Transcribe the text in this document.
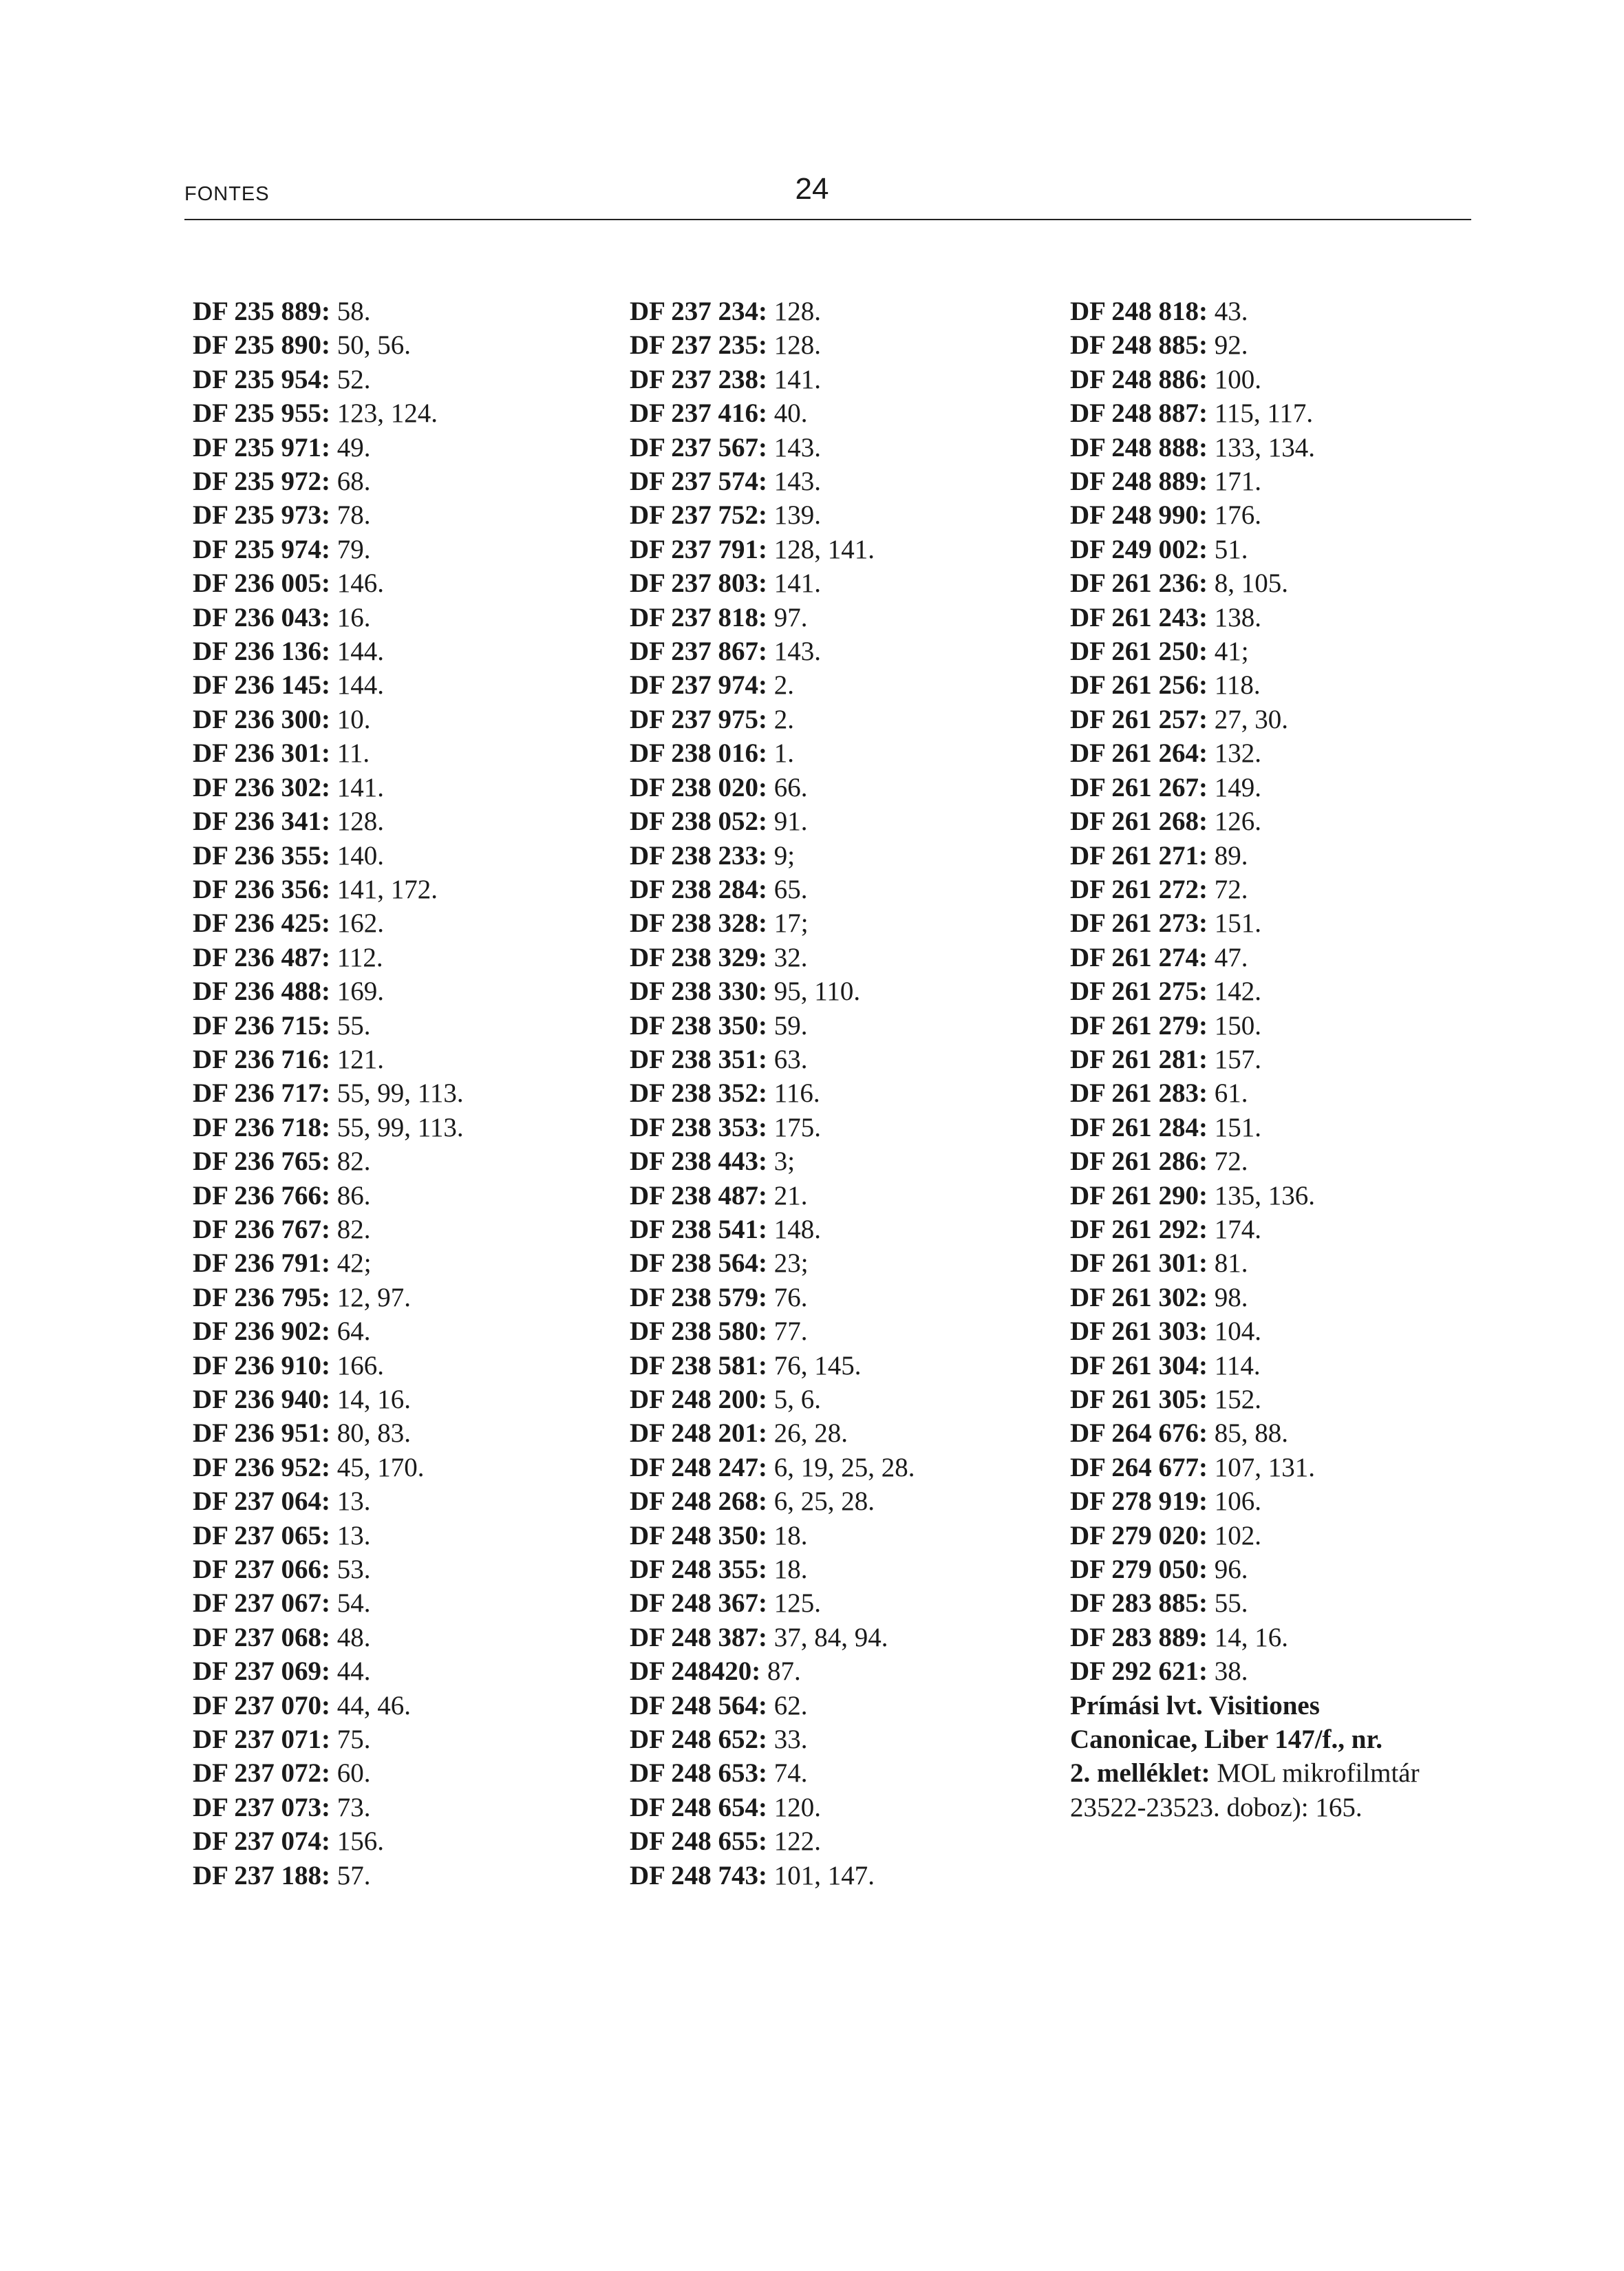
FONTES	24
DF 235 889: 58.
DF 235 890: 50, 56.
DF 235 954: 52.
DF 235 955: 123, 124.
DF 235 971: 49.
DF 235 972: 68.
DF 235 973: 78.
DF 235 974: 79.
DF 236 005: 146.
DF 236 043: 16.
DF 236 136: 144.
DF 236 145: 144.
DF 236 300: 10.
DF 236 301: 11.
DF 236 302: 141.
DF 236 341: 128.
DF 236 355: 140.
DF 236 356: 141, 172.
DF 236 425: 162.
DF 236 487: 112.
DF 236 488: 169.
DF 236 715: 55.
DF 236 716: 121.
DF 236 717: 55, 99, 113.
DF 236 718: 55, 99, 113.
DF 236 765: 82.
DF 236 766: 86.
DF 236 767: 82.
DF 236 791: 42;
DF 236 795: 12, 97.
DF 236 902: 64.
DF 236 910: 166.
DF 236 940: 14, 16.
DF 236 951: 80, 83.
DF 236 952: 45, 170.
DF 237 064: 13.
DF 237 065: 13.
DF 237 066: 53.
DF 237 067: 54.
DF 237 068: 48.
DF 237 069: 44.
DF 237 070: 44, 46.
DF 237 071: 75.
DF 237 072: 60.
DF 237 073: 73.
DF 237 074: 156.
DF 237 188: 57.
DF 237 234: 128.
DF 237 235: 128.
DF 237 238: 141.
DF 237 416: 40.
DF 237 567: 143.
DF 237 574: 143.
DF 237 752: 139.
DF 237 791: 128, 141.
DF 237 803: 141.
DF 237 818: 97.
DF 237 867: 143.
DF 237 974: 2.
DF 237 975: 2.
DF 238 016: 1.
DF 238 020: 66.
DF 238 052: 91.
DF 238 233: 9;
DF 238 284: 65.
DF 238 328: 17;
DF 238 329: 32.
DF 238 330: 95, 110.
DF 238 350: 59.
DF 238 351: 63.
DF 238 352: 116.
DF 238 353: 175.
DF 238 443: 3;
DF 238 487: 21.
DF 238 541: 148.
DF 238 564: 23;
DF 238 579: 76.
DF 238 580: 77.
DF 238 581: 76, 145.
DF 248 200: 5, 6.
DF 248 201: 26, 28.
DF 248 247: 6, 19, 25, 28.
DF 248 268: 6, 25, 28.
DF 248 350: 18.
DF 248 355: 18.
DF 248 367: 125.
DF 248 387: 37, 84, 94.
DF 248420: 87.
DF 248 564: 62.
DF 248 652: 33.
DF 248 653: 74.
DF 248 654: 120.
DF 248 655: 122.
DF 248 743: 101, 147.
DF 248 818: 43.
DF 248 885: 92.
DF 248 886: 100.
DF 248 887: 115, 117.
DF 248 888: 133, 134.
DF 248 889: 171.
DF 248 990: 176.
DF 249 002: 51.
DF 261 236: 8, 105.
DF 261 243: 138.
DF 261 250: 41;
DF 261 256: 118.
DF 261 257: 27, 30.
DF 261 264: 132.
DF 261 267: 149.
DF 261 268: 126.
DF 261 271: 89.
DF 261 272: 72.
DF 261 273: 151.
DF 261 274: 47.
DF 261 275: 142.
DF 261 279: 150.
DF 261 281: 157.
DF 261 283: 61.
DF 261 284: 151.
DF 261 286: 72.
DF 261 290: 135, 136.
DF 261 292: 174.
DF 261 301: 81.
DF 261 302: 98.
DF 261 303: 104.
DF 261 304: 114.
DF 261 305: 152.
DF 264 676: 85, 88.
DF 264 677: 107, 131.
DF 278 919: 106.
DF 279 020: 102.
DF 279 050: 96.
DF 283 885: 55.
DF 283 889: 14, 16.
DF 292 621: 38.
Prímási lvt. Visitiones
Canonicae, Liber 147/f., nr.
2. melléklet: MOL mikrofilmtár
23522-23523. doboz): 165.
